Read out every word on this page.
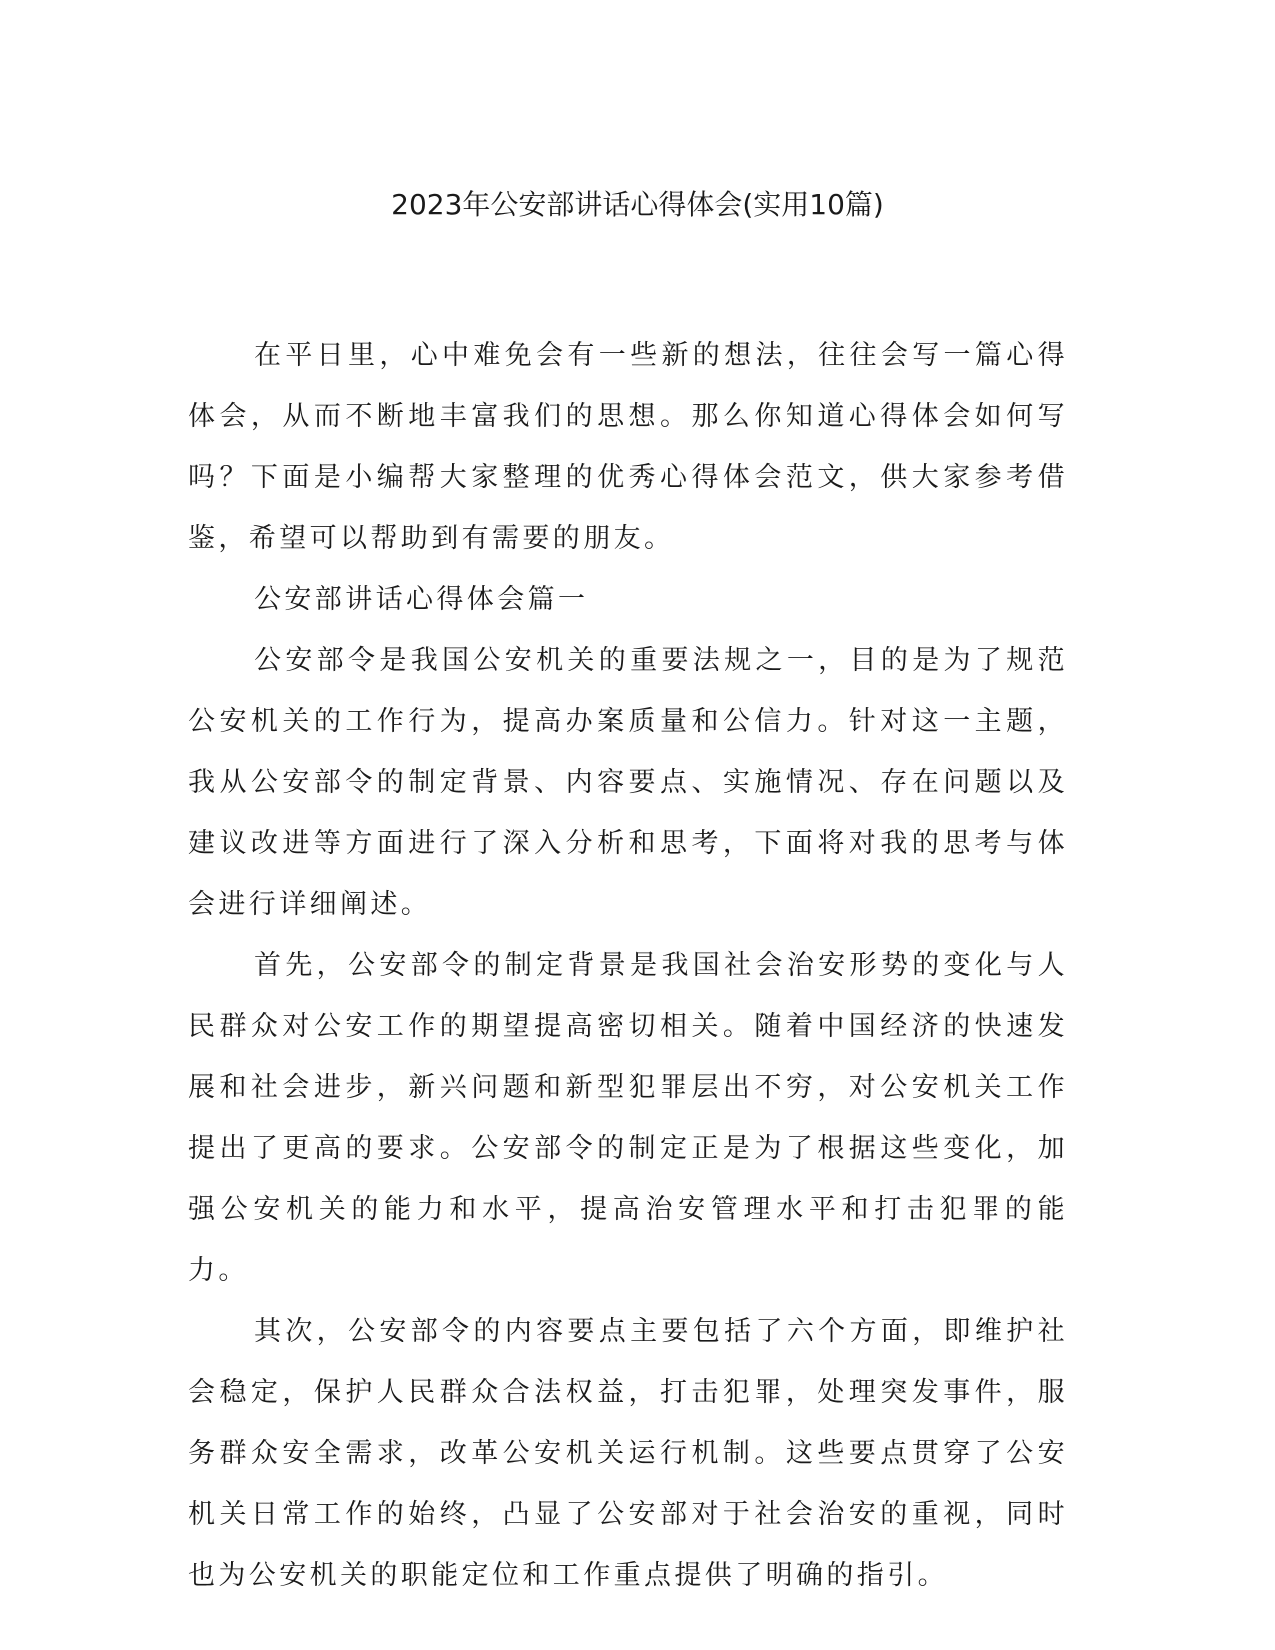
2023年公安部讲话心得体会(实用10篇)

在平日里，心中难免会有一些新的想法，往往会写一篇心得体会，从而不断地丰富我们的思想。那么你知道心得体会如何写吗？下面是小编帮大家整理的优秀心得体会范文，供大家参考借鉴，希望可以帮助到有需要的朋友。

公安部讲话心得体会篇一

公安部令是我国公安机关的重要法规之一，目的是为了规范公安机关的工作行为，提高办案质量和公信力。针对这一主题，我从公安部令的制定背景、内容要点、实施情况、存在问题以及建议改进等方面进行了深入分析和思考，下面将对我的思考与体会进行详细阐述。

首先，公安部令的制定背景是我国社会治安形势的变化与人民群众对公安工作的期望提高密切相关。随着中国经济的快速发展和社会进步，新兴问题和新型犯罪层出不穷，对公安机关工作提出了更高的要求。公安部令的制定正是为了根据这些变化，加强公安机关的能力和水平，提高治安管理水平和打击犯罪的能力。

其次，公安部令的内容要点主要包括了六个方面，即维护社会稳定，保护人民群众合法权益，打击犯罪，处理突发事件，服务群众安全需求，改革公安机关运行机制。这些要点贯穿了公安机关日常工作的始终，凸显了公安部对于社会治安的重视，同时也为公安机关的职能定位和工作重点提供了明确的指引。
